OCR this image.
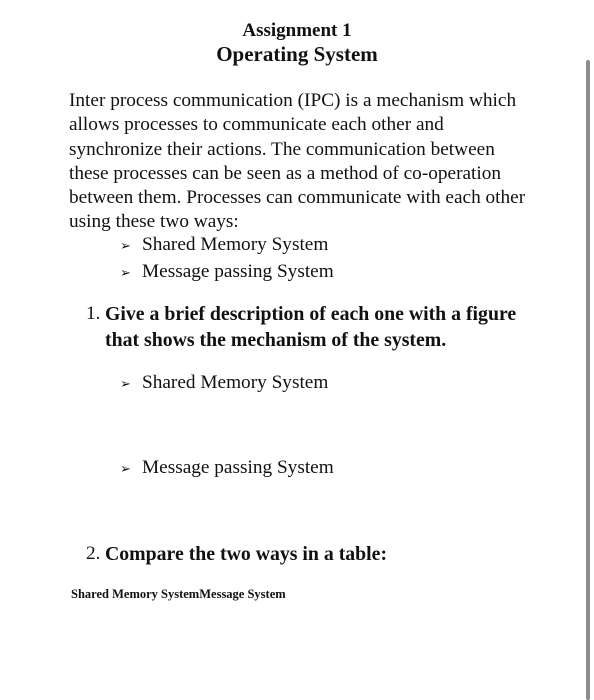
Assignment 1
Operating System

Inter process communication (IPC) is a mechanism which allows processes to communicate each other and synchronize their actions. The communication between these processes can be seen as a method of co-operation between them. Processes can communicate with each other using these two ways:

➢ Shared Memory System
➢ Message passing System
1. Give a brief description of each one with a figure that shows the mechanism of the system.
➢ Shared Memory System
➢ Message passing System
2. Compare the two ways in a table:
Shared Memory System Message System
